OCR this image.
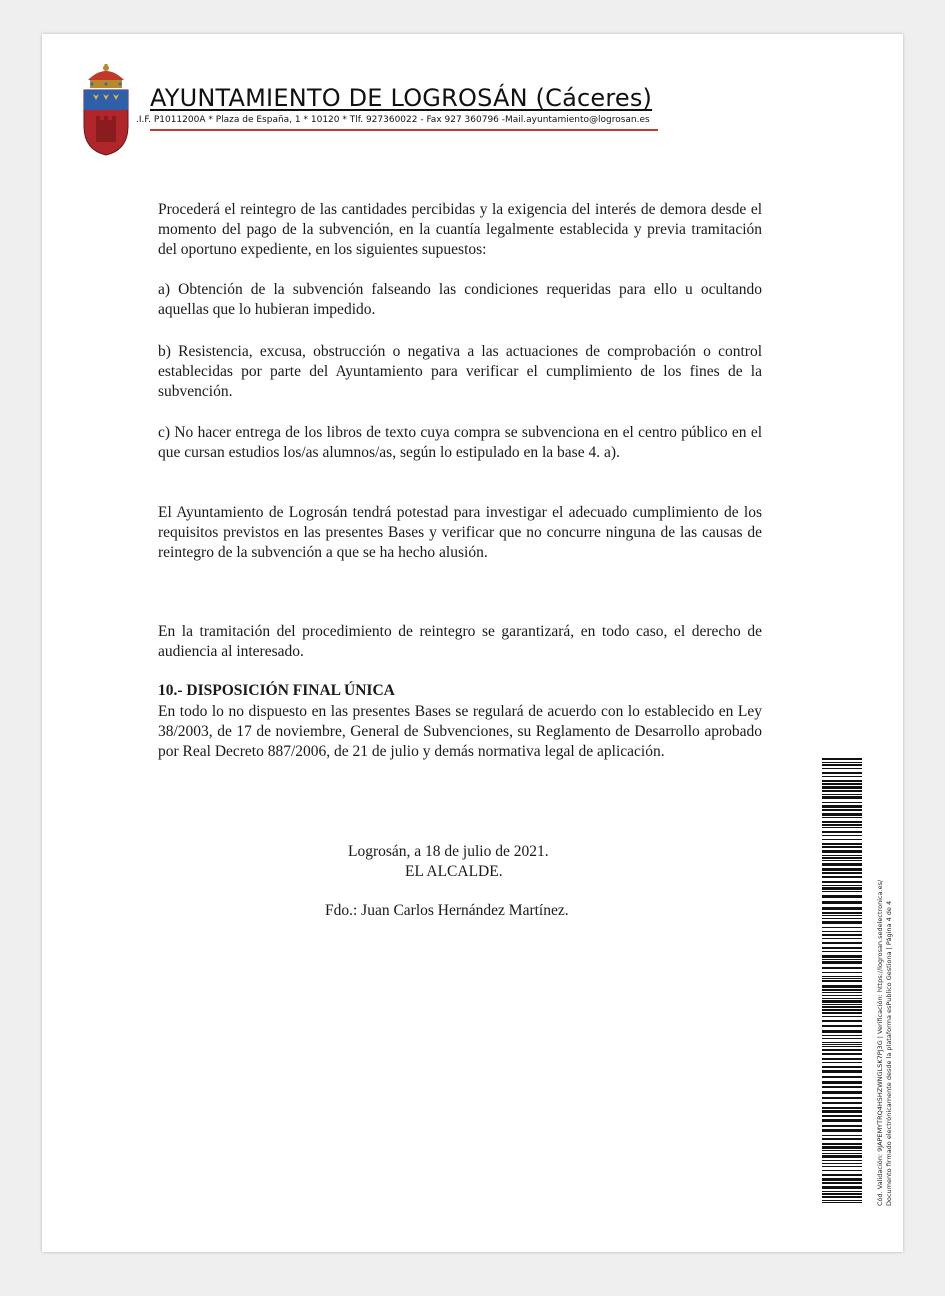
AYUNTAMIENTO DE LOGROSÁN (Cáceres)
.I.F. P1011200A * Plaza de España, 1 * 10120 * Tlf. 927360022 - Fax 927 360796 -Mail.ayuntamiento@logrosan.es

Procederá el reintegro de las cantidades percibidas y la exigencia del interés de demora desde el momento del pago de la subvención, en la cuantía legalmente establecida y previa tramitación del oportuno expediente, en los siguientes supuestos:

a) Obtención de la subvención falseando las condiciones requeridas para ello u ocultando aquellas que lo hubieran impedido.

b) Resistencia, excusa, obstrucción o negativa a las actuaciones de comprobación o control establecidas por parte del Ayuntamiento para verificar el cumplimiento de los fines de la subvención.

c) No hacer entrega de los libros de texto cuya compra se subvenciona en el centro público en el que cursan estudios los/as alumnos/as, según lo estipulado en la base 4. a).

El Ayuntamiento de Logrosán tendrá potestad para investigar el adecuado cumplimiento de los requisitos previstos en las presentes Bases y verificar que no concurre ninguna de las causas de reintegro de la subvención a que se ha hecho alusión.

En la tramitación del procedimiento de reintegro se garantizará, en todo caso, el derecho de audiencia al interesado.

10.- DISPOSICIÓN FINAL ÚNICA

En todo lo no dispuesto en las presentes Bases se regulará de acuerdo con lo establecido en Ley 38/2003, de 17 de noviembre, General de Subvenciones, su Reglamento de Desarrollo aprobado por Real Decreto 887/2006, de 21 de julio y demás normativa legal de aplicación.

Logrosán, a 18 de julio de 2021.
EL ALCALDE.
Fdo.: Juan Carlos Hernández Martínez.	Cód. Validación: 9JAPEMYTRQ4H5HZWNGLSK7PJ3G | Verificación: https://logrosan.sedelectronica.es/ Documento firmado electrónicamente desde la plataforma esPublico Gestiona | Página 4 de 4
